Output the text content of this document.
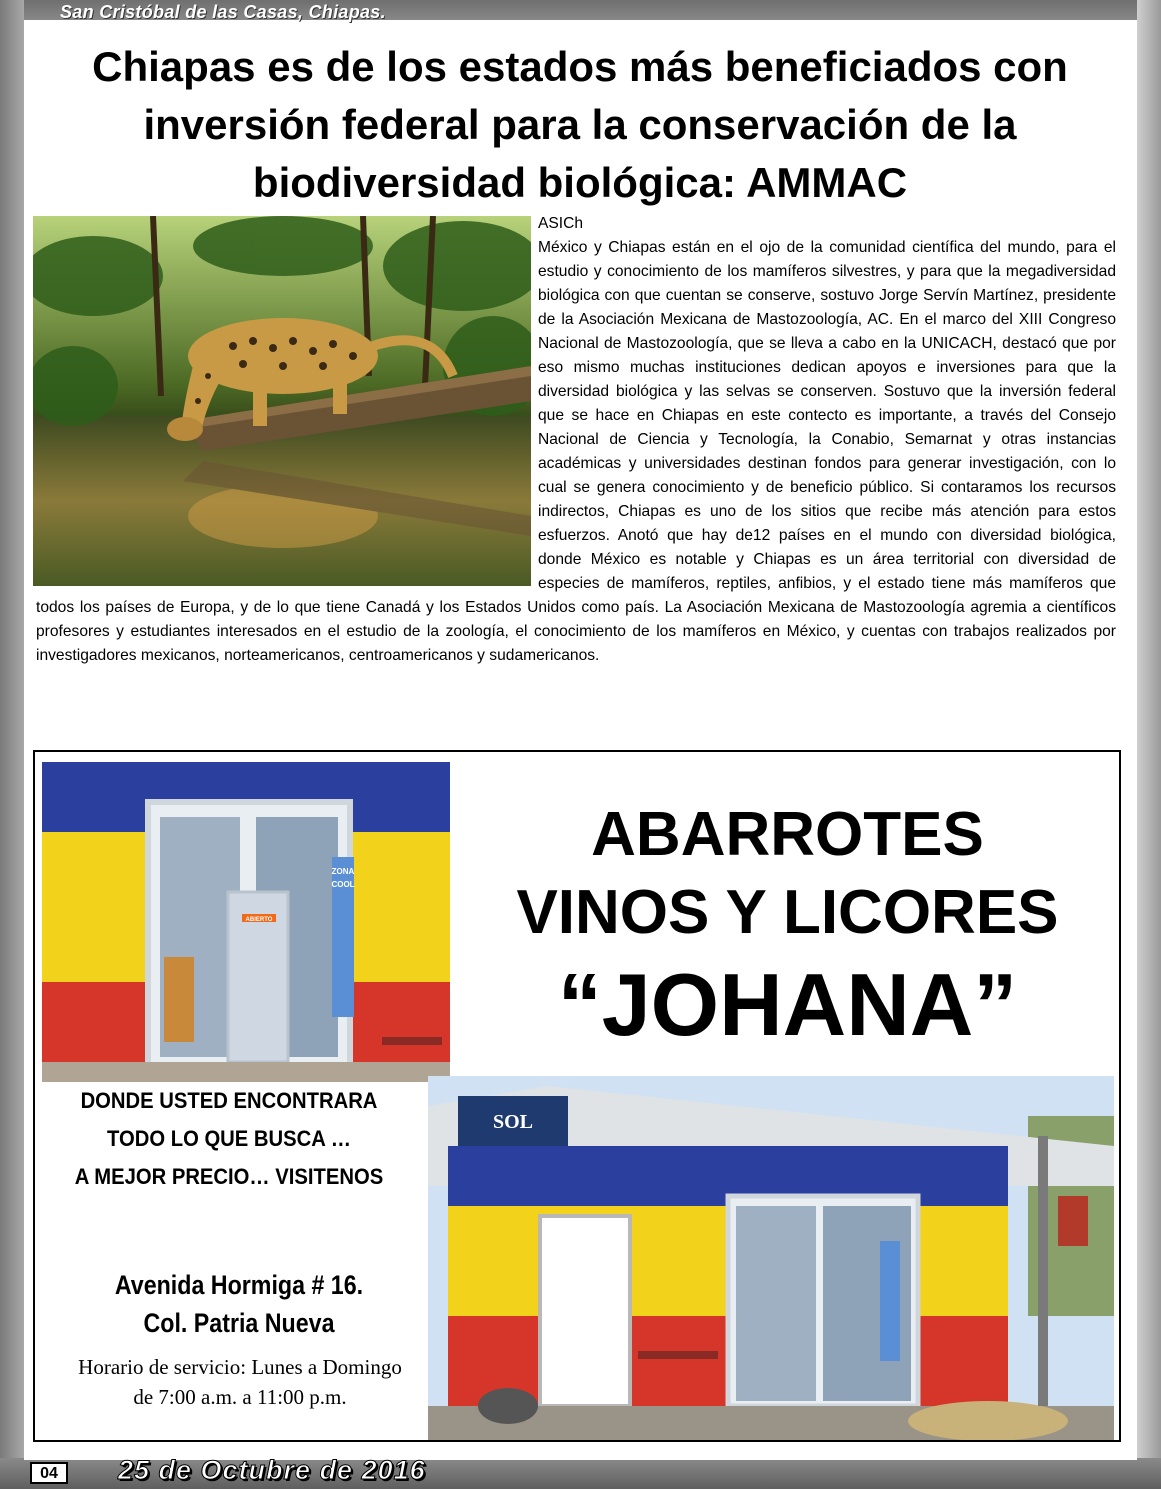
San Cristóbal de las Casas, Chiapas.
Chiapas es de los estados más beneficiados con inversión federal para la conservación de la biodiversidad biológica: AMMAC

ASICh

México y Chiapas están en el ojo de la comunidad científica del mundo, para el estudio y conocimiento de los mamíferos silvestres, y para que la megadiversidad biológica con que cuentan se conserve, sostuvo Jorge Servín Martínez, presidente de la Asociación Mexicana de Mastozoología, AC. En el marco del XIII Congreso Nacional de Mastozoología, que se lleva a cabo en la UNICACH, destacó que por eso mismo muchas instituciones dedican apoyos e inversiones para que la diversidad biológica y las selvas se conserven. Sostuvo que la inversión federal que se hace en Chiapas en este contecto es importante, a través del Consejo Nacional de Ciencia y Tecnología, la Conabio, Semarnat y otras instancias académicas y universidades destinan fondos para generar investigación, con lo cual se genera conocimiento y de beneficio público. Si contaramos los recursos indirectos, Chiapas es uno de los sitios que recibe más atención para estos esfuerzos. Anotó que hay de12 países en el mundo con diversidad biológica, donde México es notable y Chiapas es un área territorial con diversidad de especies de mamíferos, reptiles, anfibios, y el estado tiene más mamíferos que todos los países de Europa, y de lo que tiene Canadá y los Estados Unidos como país. La Asociación Mexicana de Mastozoología agremia a científicos profesores y estudiantes interesados en el estudio de la zoología, el conocimiento de los mamíferos en México, y cuentas con trabajos realizados por investigadores mexicanos, norteamericanos, centroamericanos y sudamericanos.

ABIERTO
ZONA
COOL
SOL
ABARROTES
VINOS Y LICORES
“JOHANA”
DONDE USTED ENCONTRARA
TODO LO QUE BUSCA …
A MEJOR PRECIO… VISITENOS
Avenida Hormiga # 16.
Col. Patria Nueva
Horario de servicio: Lunes a Domingo de 7:00 a.m. a 11:00 p.m.
04	25 de Octubre de 2016
